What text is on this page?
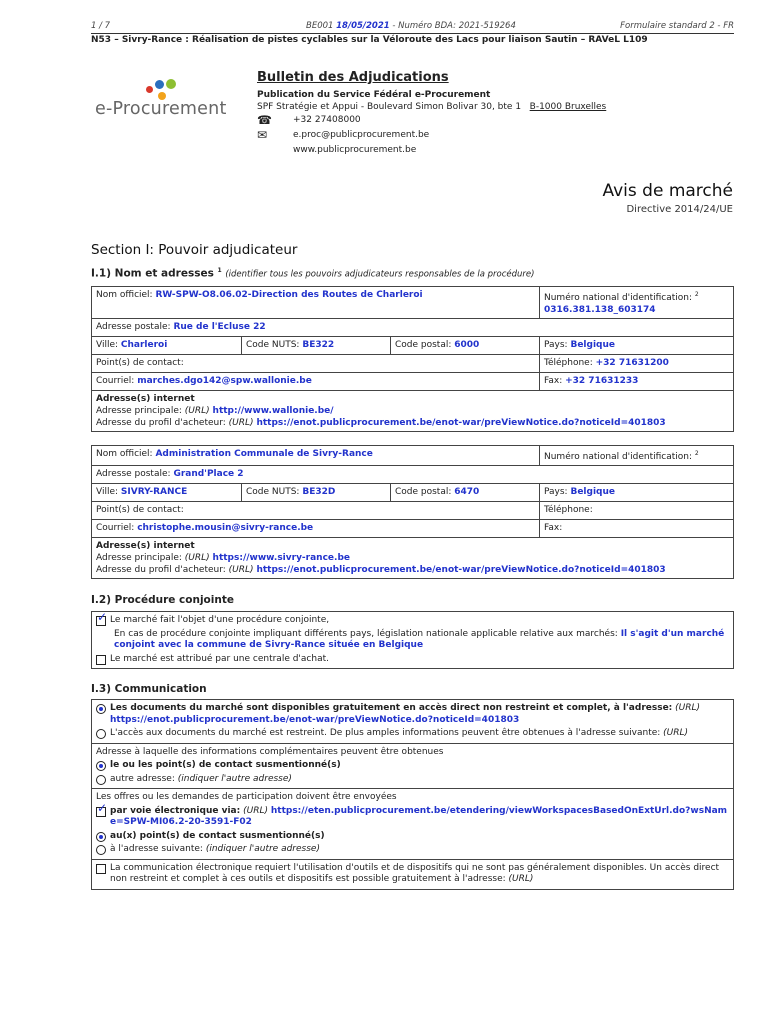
1 / 7	BE001 18/05/2021 - Numéro BDA: 2021-519264	Formulaire standard 2 - FR
N53 – Sivry-Rance : Réalisation de pistes cyclables sur la Véloroute des Lacs pour liaison Sautin – RAVeL L109
e-Procurement
Bulletin des Adjudications
Publication du Service Fédéral e-Procurement
SPF Stratégie et Appui - Boulevard Simon Bolivar 30, bte 1 B-1000 Bruxelles
☎	+32 27408000
✉	e.proc@publicprocurement.be
www.publicprocurement.be
Avis de marché
Directive 2014/24/UE
Section I: Pouvoir adjudicateur
I.1) Nom et adresses $^1$ (identifier tous les pouvoirs adjudicateurs responsables de la procédure)
Nom officiel: RW-SPW-O8.06.02-Direction des Routes de Charleroi	Numéro national d'identification: $^2$ 0316.381.138_603174
Adresse postale: Rue de l'Ecluse 22
Ville: Charleroi	Code NUTS: BE322	Code postal: 6000	Pays: Belgique
Point(s) de contact:	Téléphone: +32 71631200
Courriel: marches.dgo142@spw.wallonie.be	Fax: +32 71631233
Adresse(s) internet
Adresse principale: (URL) http://www.wallonie.be/
Adresse du profil d'acheteur: (URL) https://enot.publicprocurement.be/enot-war/preViewNotice.do?noticeId=401803
Nom officiel: Administration Communale de Sivry-Rance	Numéro national d'identification: $^2$
Adresse postale: Grand'Place 2
Ville: SIVRY-RANCE	Code NUTS: BE32D	Code postal: 6470	Pays: Belgique
Point(s) de contact:	Téléphone:
Courriel: christophe.mousin@sivry-rance.be	Fax:
Adresse(s) internet
Adresse principale: (URL) https://www.sivry-rance.be
Adresse du profil d'acheteur: (URL) https://enot.publicprocurement.be/enot-war/preViewNotice.do?noticeId=401803
I.2) Procédure conjointe
✓
Le marché fait l'objet d'une procédure conjointe,
En cas de procédure conjointe impliquant différents pays, législation nationale applicable relative aux marchés: Il s'agit d'un marché conjoint avec la commune de Sivry-Rance située en Belgique
Le marché est attribué par une centrale d'achat.
I.3) Communication
Les documents du marché sont disponibles gratuitement en accès direct non restreint et complet, à l'adresse: (URL)
https://enot.publicprocurement.be/enot-war/preViewNotice.do?noticeId=401803
L'accès aux documents du marché est restreint. De plus amples informations peuvent être obtenues à l'adresse suivante: (URL)
Adresse à laquelle des informations complémentaires peuvent être obtenues
le ou les point(s) de contact susmentionné(s)
autre adresse: (indiquer l'autre adresse)
Les offres ou les demandes de participation doivent être envoyées
✓
par voie électronique via: (URL) https://eten.publicprocurement.be/etendering/viewWorkspacesBasedOnExtUrl.do?wsName=SPW-MI06.2-20-3591-F02
au(x) point(s) de contact susmentionné(s)
à l'adresse suivante: (indiquer l'autre adresse)
La communication électronique requiert l'utilisation d'outils et de dispositifs qui ne sont pas généralement disponibles. Un accès direct non restreint et complet à ces outils et dispositifs est possible gratuitement à l'adresse: (URL)
